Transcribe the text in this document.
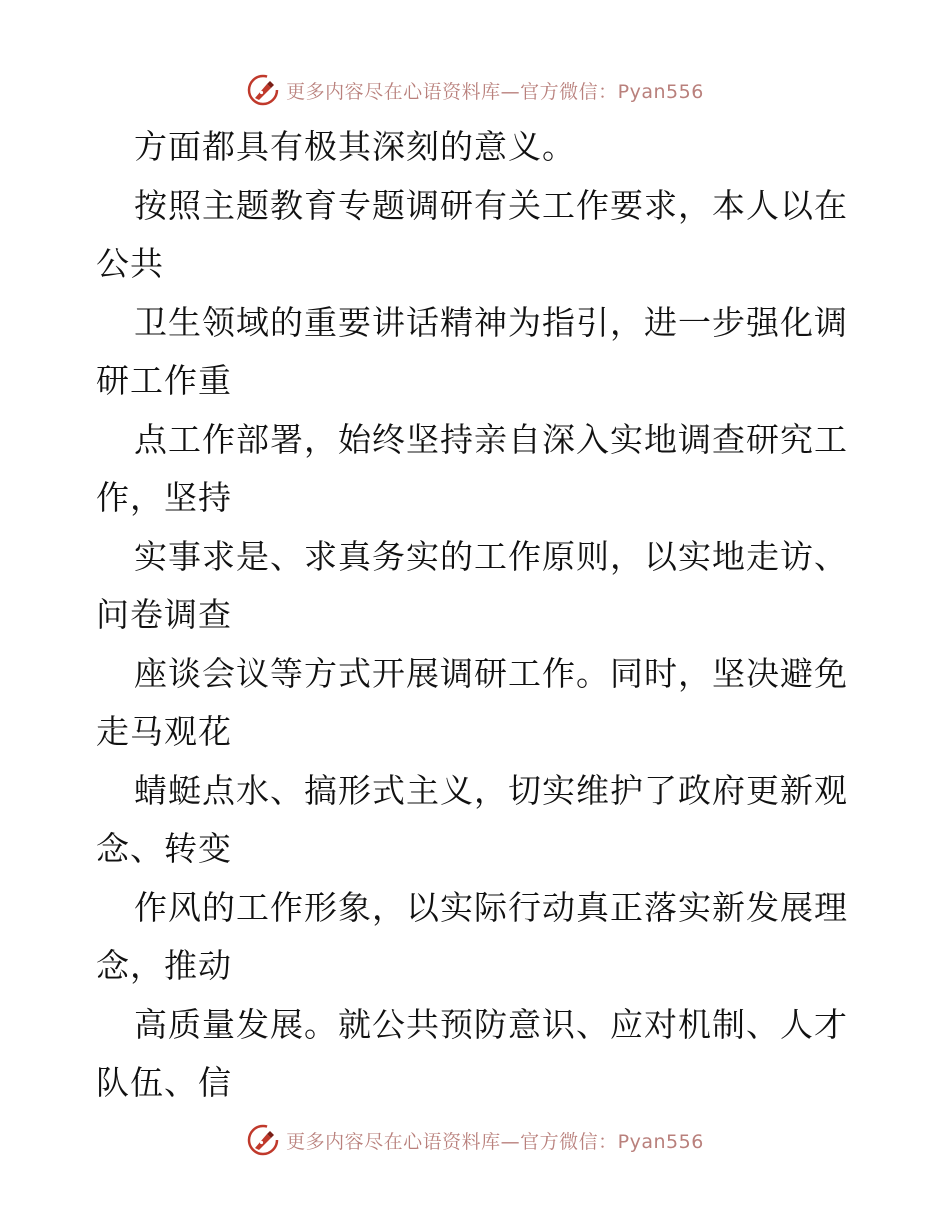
更多内容尽在心语资料库—官方微信：Pyan556
方面都具有极其深刻的意义。
按照主题教育专题调研有关工作要求，本人以在
公共
卫生领域的重要讲话精神为指引，进一步强化调
研工作重
点工作部署，始终坚持亲自深入实地调查研究工
作，坚持
实事求是、求真务实的工作原则，以实地走访、
问卷调查
座谈会议等方式开展调研工作。同时，坚决避免
走马观花
蜻蜓点水、搞形式主义，切实维护了政府更新观
念、转变
作风的工作形象，以实际行动真正落实新发展理
念，推动
高质量发展。就公共预防意识、应对机制、人才
队伍、信
更多内容尽在心语资料库—官方微信：Pyan556
